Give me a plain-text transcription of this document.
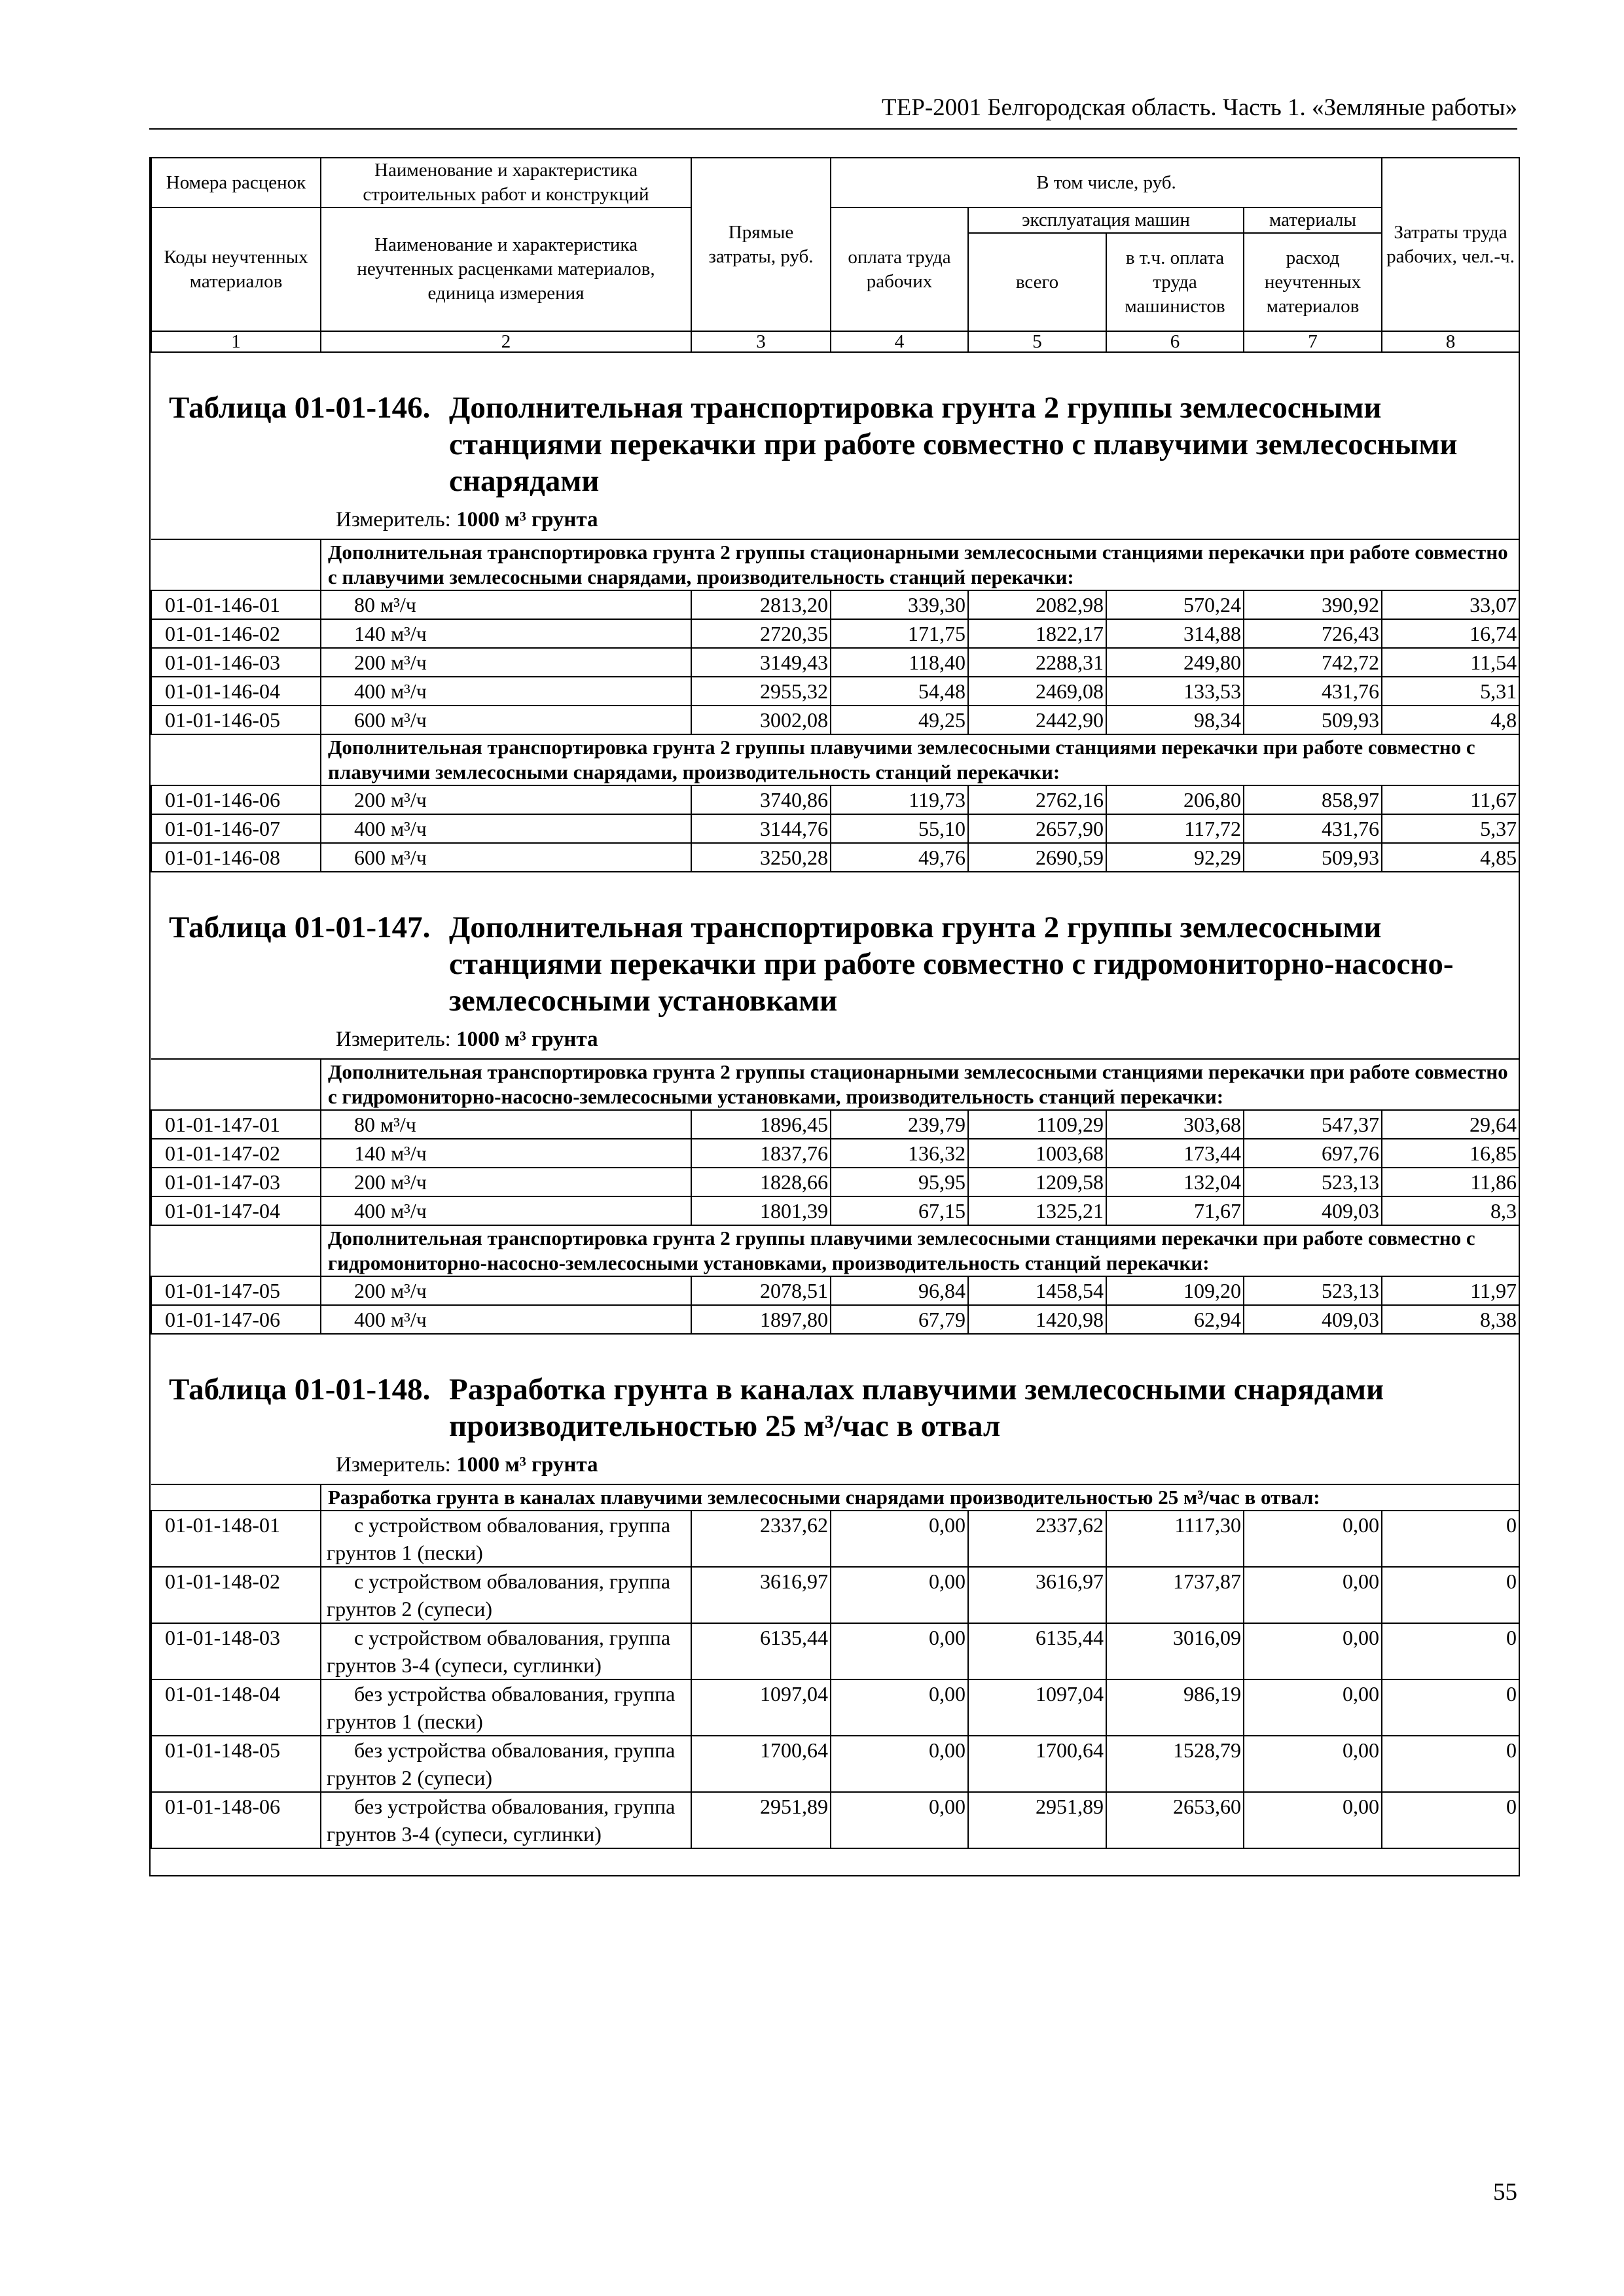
ТЕР-2001 Белгородская область. Часть 1. «Земляные работы»
Номера расценок	Наименование и характеристика строительных работ и конструкций	Прямые затраты, руб.	В том числе, руб.				Затраты труда рабочих, чел.-ч.
Коды неучтенных материалов	Наименование и характеристика неучтенных расценками материалов, единица измерения		оплата труда рабочих	эксплуатация машин		материалы	
				всего	в т.ч. оплата труда машинистов	расход неучтенных материалов	
1	2	3	4	5	6	7	8
Таблица 01-01-146. Дополнительная транспортировка грунта 2 группы землесосными станциями перекачки при работе совместно с плавучими землесосными снарядами
Измеритель: 1000 м³ грунта
	Дополнительная транспортировка грунта 2 группы стационарными землесосными станциями перекачки при работе совместно с плавучими землесосными снарядами, производительность станций перекачки:						
01-01-146-01	80 м³/ч	2813,20	339,30	2082,98	570,24	390,92	33,07
01-01-146-02	140 м³/ч	2720,35	171,75	1822,17	314,88	726,43	16,74
01-01-146-03	200 м³/ч	3149,43	118,40	2288,31	249,80	742,72	11,54
01-01-146-04	400 м³/ч	2955,32	54,48	2469,08	133,53	431,76	5,31
01-01-146-05	600 м³/ч	3002,08	49,25	2442,90	98,34	509,93	4,8
	Дополнительная транспортировка грунта 2 группы плавучими землесосными станциями перекачки при работе совместно с плавучими землесосными снарядами, производительность станций перекачки:						
01-01-146-06	200 м³/ч	3740,86	119,73	2762,16	206,80	858,97	11,67
01-01-146-07	400 м³/ч	3144,76	55,10	2657,90	117,72	431,76	5,37
01-01-146-08	600 м³/ч	3250,28	49,76	2690,59	92,29	509,93	4,85
Таблица 01-01-147. Дополнительная транспортировка грунта 2 группы землесосными станциями перекачки при работе совместно с гидромониторно-насосно-землесосными установками
Измеритель: 1000 м³ грунта
	Дополнительная транспортировка грунта 2 группы стационарными землесосными станциями перекачки при работе совместно с гидромониторно-насосно-землесосными установками, производительность станций перекачки:						
01-01-147-01	80 м³/ч	1896,45	239,79	1109,29	303,68	547,37	29,64
01-01-147-02	140 м³/ч	1837,76	136,32	1003,68	173,44	697,76	16,85
01-01-147-03	200 м³/ч	1828,66	95,95	1209,58	132,04	523,13	11,86
01-01-147-04	400 м³/ч	1801,39	67,15	1325,21	71,67	409,03	8,3
	Дополнительная транспортировка грунта 2 группы плавучими землесосными станциями перекачки при работе совместно с гидромониторно-насосно-землесосными установками, производительность станций перекачки:						
01-01-147-05	200 м³/ч	2078,51	96,84	1458,54	109,20	523,13	11,97
01-01-147-06	400 м³/ч	1897,80	67,79	1420,98	62,94	409,03	8,38
Таблица 01-01-148. Разработка грунта в каналах плавучими землесосными снарядами производительностью 25 м³/час в отвал
Измеритель: 1000 м³ грунта
	Разработка грунта в каналах плавучими землесосными снарядами производительностью 25 м³/час в отвал:						
01-01-148-01	с устройством обвалования, группа грунтов 1 (пески)	2337,62	0,00	2337,62	1117,30	0,00	0
01-01-148-02	с устройством обвалования, группа грунтов 2 (супеси)	3616,97	0,00	3616,97	1737,87	0,00	0
01-01-148-03	с устройством обвалования, группа грунтов 3-4 (супеси, суглинки)	6135,44	0,00	6135,44	3016,09	0,00	0
01-01-148-04	без устройства обвалования, группа грунтов 1 (пески)	1097,04	0,00	1097,04	986,19	0,00	0
01-01-148-05	без устройства обвалования, группа грунтов 2 (супеси)	1700,64	0,00	1700,64	1528,79	0,00	0
01-01-148-06	без устройства обвалования, группа грунтов 3-4 (супеси, суглинки)	2951,89	0,00	2951,89	2653,60	0,00	0
55
